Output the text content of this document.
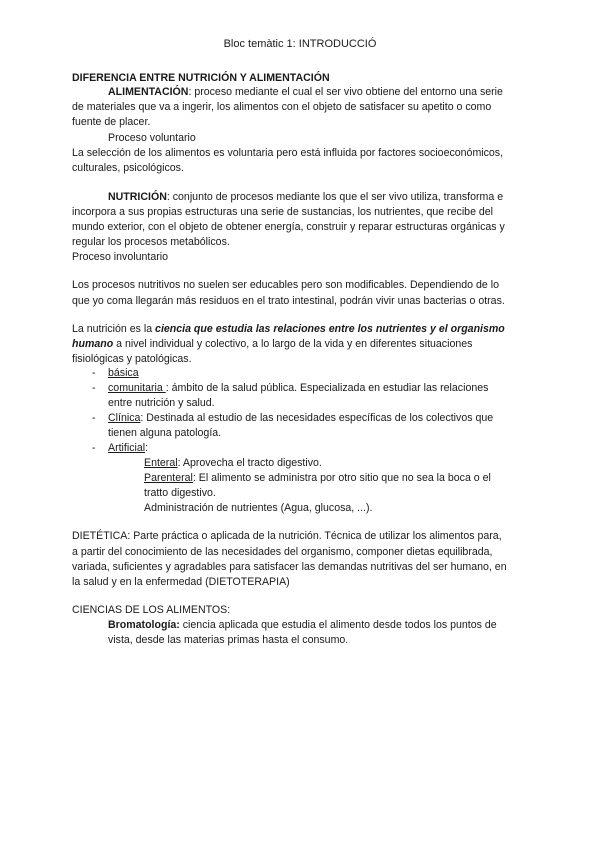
Bloc temàtic 1: INTRODUCCIÓ
DIFERENCIA ENTRE NUTRICIÓN Y ALIMENTACIÓN
ALIMENTACIÓN: proceso mediante el cual el ser vivo obtiene del entorno una serie
de materiales que va a ingerir, los alimentos con el objeto de satisfacer su apetito o como
fuente de placer.
Proceso voluntario
La selección de los alimentos es voluntaria pero está influida por factores socioeconómicos,
culturales, psicológicos.
NUTRICIÓN: conjunto de procesos mediante los que el ser vivo utiliza, transforma e
incorpora a sus propias estructuras una serie de sustancias, los nutrientes, que recibe del
mundo exterior, con el objeto de obtener energía, construir y reparar estructuras orgánicas y
regular los procesos metabólicos.
Proceso involuntario
Los procesos nutritivos no suelen ser educables pero son modificables. Dependiendo de lo
que yo coma llegarán más residuos en el trato intestinal, podrán vivir unas bacterias o otras.
La nutrición es la ciencia que estudia las relaciones entre los nutrientes y el organismo
humano a nivel individual y colectivo, a lo largo de la vida y en diferentes situaciones
fisiológicas y patológicas.
- básica
- comunitaria : ámbito de la salud pública. Especializada en estudiar las relaciones
entre nutrición y salud.
- Clínica: Destinada al estudio de las necesidades específicas de los colectivos que
tienen alguna patología.
- Artificial:
Enteral: Aprovecha el tracto digestivo.
Parenteral: El alimento se administra por otro sitio que no sea la boca o el
tratto digestivo.
Administración de nutrientes (Agua, glucosa, ...).
DIETÉTICA: Parte práctica o aplicada de la nutrición. Técnica de utilizar los alimentos para,
a partir del conocimiento de las necesidades del organismo, componer dietas equilibrada,
variada, suficientes y agradables para satisfacer las demandas nutritivas del ser humano, en
la salud y en la enfermedad (DIETOTERAPIA)
CIENCIAS DE LOS ALIMENTOS:
Bromatología: ciencia aplicada que estudia el alimento desde todos los puntos de
vista, desde las materias primas hasta el consumo.
